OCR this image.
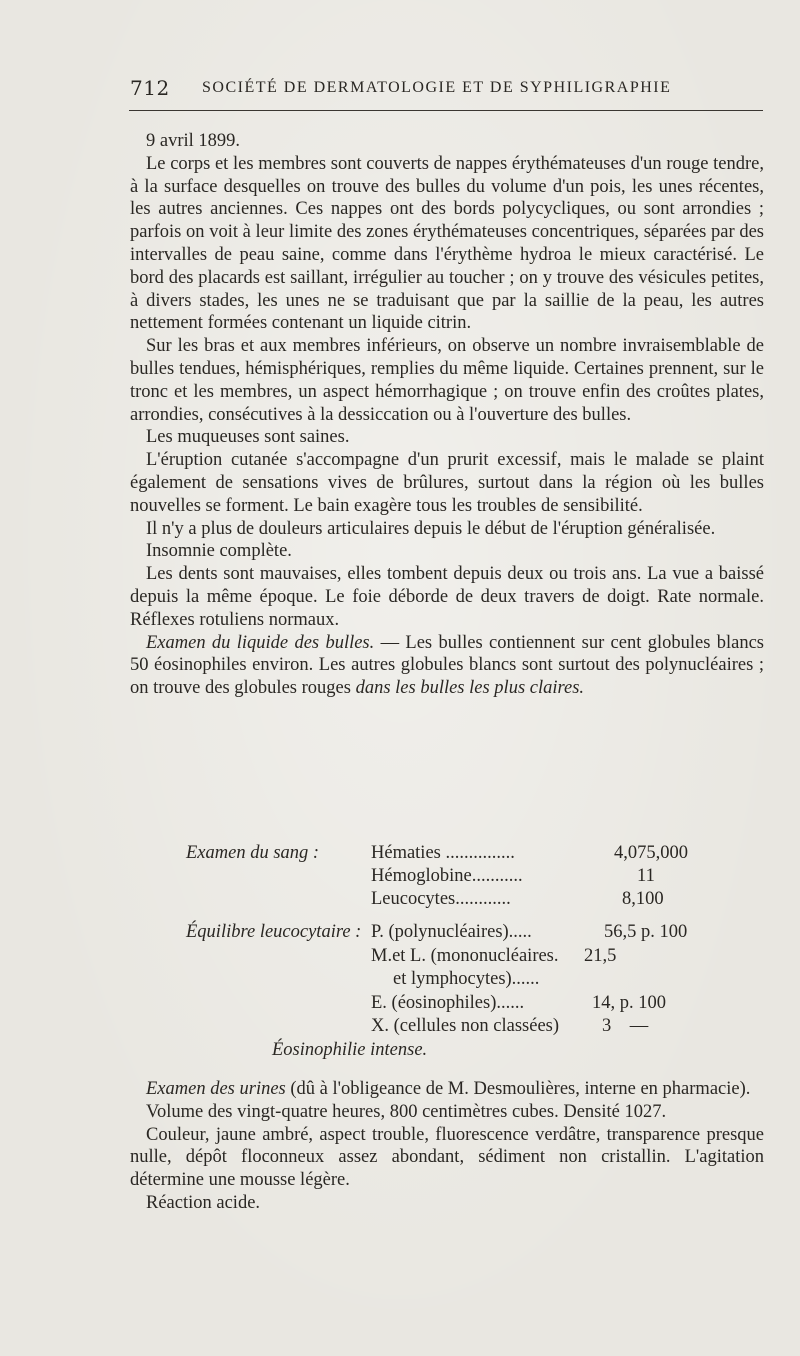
712 SOCIÉTÉ DE DERMATOLOGIE ET DE SYPHILIGRAPHIE

9 avril 1899.

Le corps et les membres sont couverts de nappes érythémateuses d'un rouge tendre, à la surface desquelles on trouve des bulles du volume d'un pois, les unes récentes, les autres anciennes. Ces nappes ont des bords polycycliques, ou sont arrondies ; parfois on voit à leur limite des zones érythémateuses concentriques, séparées par des intervalles de peau saine, comme dans l'érythème hydroa le mieux caractérisé. Le bord des placards est saillant, irrégulier au toucher ; on y trouve des vésicules petites, à divers stades, les unes ne se traduisant que par la saillie de la peau, les autres nettement formées contenant un liquide citrin.

Sur les bras et aux membres inférieurs, on observe un nombre invraisemblable de bulles tendues, hémisphériques, remplies du même liquide. Certaines prennent, sur le tronc et les membres, un aspect hémorrhagique ; on trouve enfin des croûtes plates, arrondies, consécutives à la dessiccation ou à l'ouverture des bulles.

Les muqueuses sont saines.

L'éruption cutanée s'accompagne d'un prurit excessif, mais le malade se plaint également de sensations vives de brûlures, surtout dans la région où les bulles nouvelles se forment. Le bain exagère tous les troubles de sensibilité.

Il n'y a plus de douleurs articulaires depuis le début de l'éruption généralisée.

Insomnie complète.

Les dents sont mauvaises, elles tombent depuis deux ou trois ans. La vue a baissé depuis la même époque. Le foie déborde de deux travers de doigt. Rate normale. Réflexes rotuliens normaux.

Examen du liquide des bulles. — Les bulles contiennent sur cent globules blancs 50 éosinophiles environ. Les autres globules blancs sont surtout des polynucléaires ; on trouve des globules rouges dans les bulles les plus claires.

Examen du sang :	Hématies ...............	4,075,000
Hémoglobine...........	11
Leucocytes............	8,100
Équilibre leucocytaire : P. (polynucléaires).....	56,5 p. 100
M.et L. (mononucléaires. 21,5
et lymphocytes)......
E. (éosinophiles)......	14, p. 100
X. (cellules non classées) 3    —
Éosinophilie intense.

Examen des urines (dû à l'obligeance de M. Desmoulières, interne en pharmacie).

Volume des vingt-quatre heures, 800 centimètres cubes. Densité 1027.

Couleur, jaune ambré, aspect trouble, fluorescence verdâtre, transparence presque nulle, dépôt floconneux assez abondant, sédiment non cristallin. L'agitation détermine une mousse légère.

Réaction acide.
